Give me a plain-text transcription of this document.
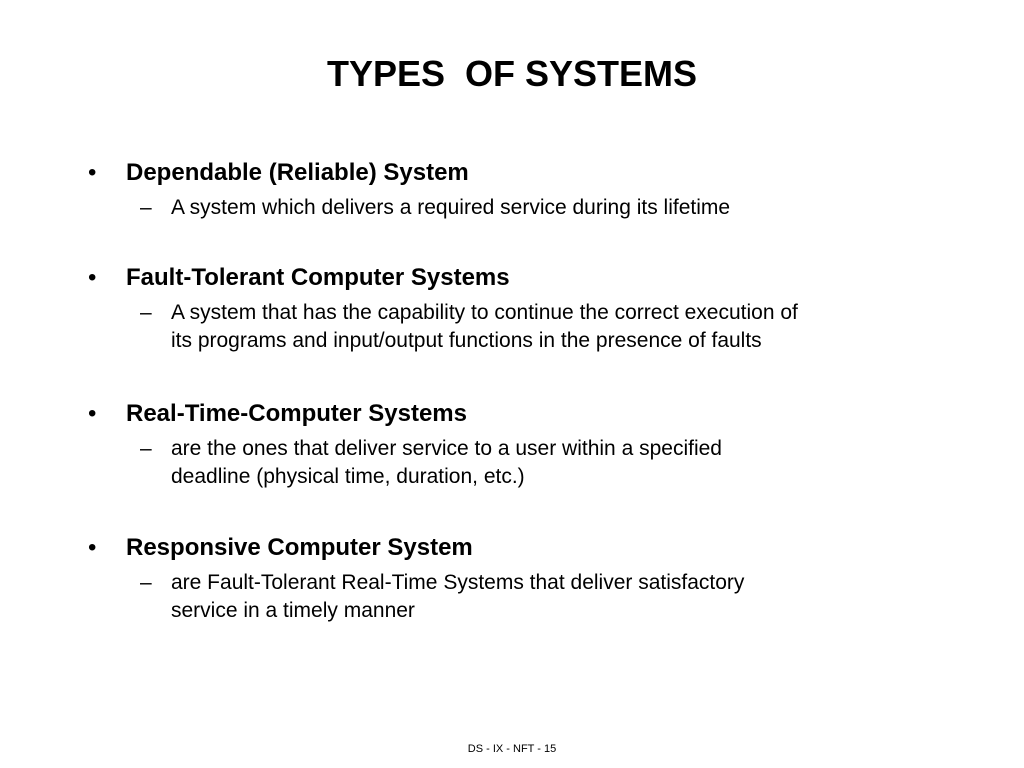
TYPES  OF SYSTEMS
• Dependable (Reliable) System
– A system which delivers a required service during its lifetime
• Fault-Tolerant Computer Systems
– A system that has the capability to continue the correct execution of
its programs and input/output functions in the presence of faults
• Real-Time-Computer Systems
– are the ones that deliver service to a user within a specified
deadline (physical time, duration, etc.)
• Responsive Computer System
– are Fault-Tolerant Real-Time Systems that deliver satisfactory
service in a timely manner
DS - IX - NFT - 15
